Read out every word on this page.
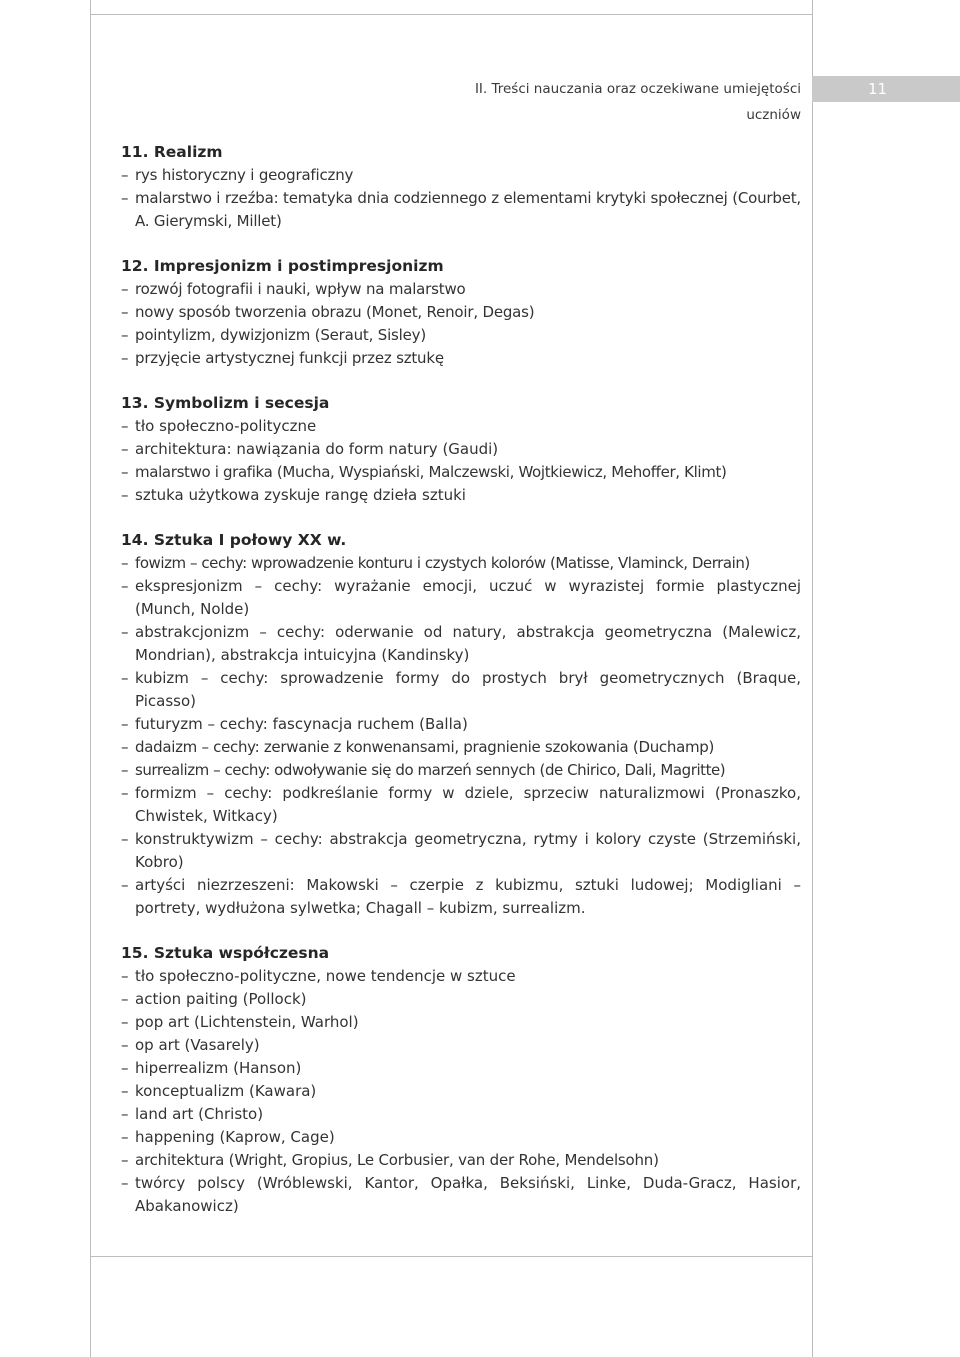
II. Treści nauczania oraz oczekiwane umiejętości uczniów
11
11. Realizm
– rys historyczny i geograficzny
– malarstwo i rzeźba: tematyka dnia codziennego z elementami krytyki społecznej (Courbet, A. Gierymski, Millet)
12. Impresjonizm i postimpresjonizm
– rozwój fotografii i nauki, wpływ na malarstwo
– nowy sposób tworzenia obrazu (Monet, Renoir, Degas)
– pointylizm, dywizjonizm (Seraut, Sisley)
– przyjęcie artystycznej funkcji przez sztukę
13. Symbolizm i secesja
– tło społeczno-polityczne
– architektura: nawiązania do form natury (Gaudi)
– malarstwo i grafika (Mucha, Wyspiański, Malczewski, Wojtkiewicz, Mehoffer, Klimt)
– sztuka użytkowa zyskuje rangę dzieła sztuki
14. Sztuka I połowy XX w.
– fowizm – cechy: wprowadzenie konturu i czystych kolorów (Matisse, Vlaminck, Derrain)
– ekspresjonizm – cechy: wyrażanie emocji, uczuć w wyrazistej formie plastycznej (Munch, Nolde)
– abstrakcjonizm – cechy: oderwanie od natury, abstrakcja geometryczna (Malewicz, Mondrian), abstrakcja intuicyjna (Kandinsky)
– kubizm – cechy: sprowadzenie formy do prostych brył geometrycznych (Braque, Picasso)
– futuryzm – cechy: fascynacja ruchem (Balla)
– dadaizm – cechy: zerwanie z konwenansami, pragnienie szokowania (Duchamp)
– surrealizm – cechy: odwoływanie się do marzeń sennych (de Chirico, Dali, Magritte)
– formizm – cechy: podkreślanie formy w dziele, sprzeciw naturalizmowi (Pronaszko, Chwistek, Witkacy)
– konstruktywizm – cechy: abstrakcja geometryczna, rytmy i kolory czyste (Strzemiński, Kobro)
– artyści niezrzeszeni: Makowski – czerpie z kubizmu, sztuki ludowej; Modigliani – portrety, wydłużona sylwetka; Chagall – kubizm, surrealizm.
15. Sztuka współczesna
– tło społeczno-polityczne, nowe tendencje w sztuce
– action paiting (Pollock)
– pop art (Lichtenstein, Warhol)
– op art (Vasarely)
– hiperrealizm (Hanson)
– konceptualizm (Kawara)
– land art (Christo)
– happening (Kaprow, Cage)
– architektura (Wright, Gropius, Le Corbusier, van der Rohe, Mendelsohn)
– twórcy polscy (Wróblewski, Kantor, Opałka, Beksiński, Linke, Duda-Gracz, Hasior, Abakanowicz)
